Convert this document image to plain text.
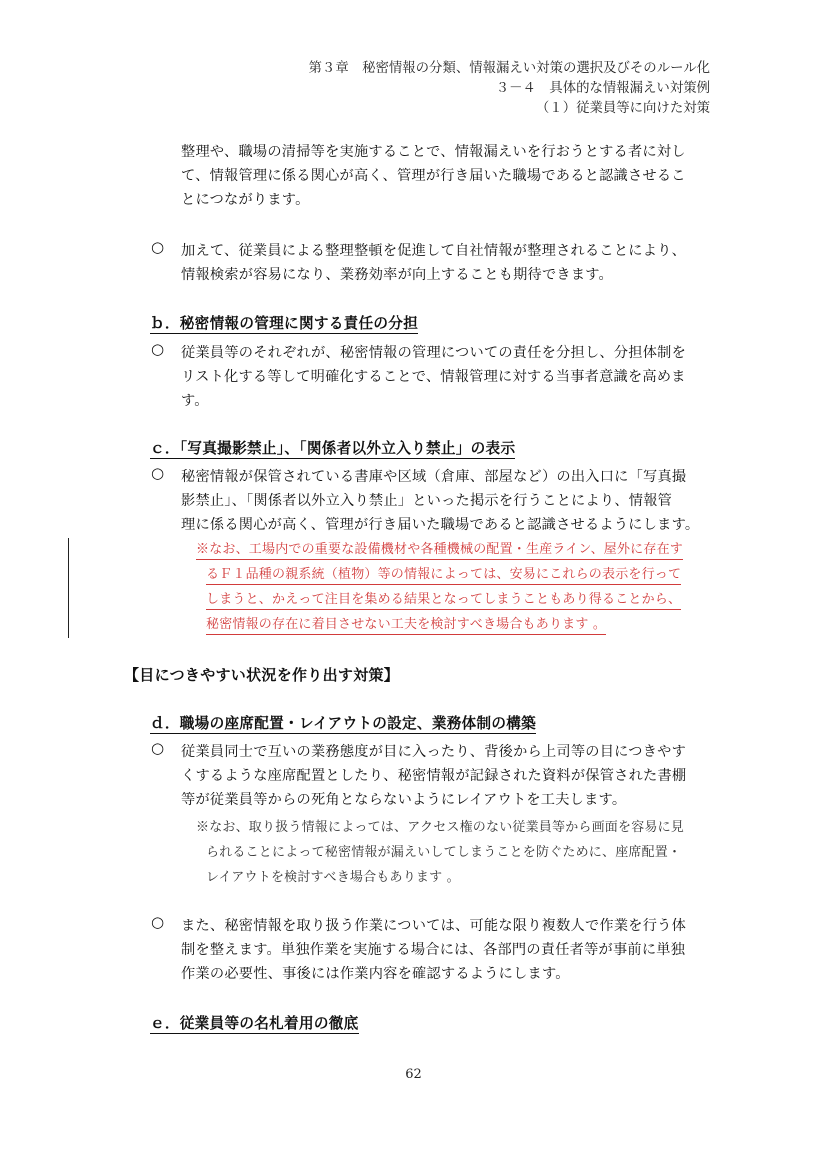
第３章　秘密情報の分類、情報漏えい対策の選択及びそのルール化
３－４　具体的な情報漏えい対策例
（１）従業員等に向けた対策
整理や、職場の清掃等を実施することで、情報漏えいを行おうとする者に対し
て、情報管理に係る関心が高く、管理が行き届いた職場であると認識させるこ
とにつながります。
○ 加えて、従業員による整理整頓を促進して自社情報が整理されることにより、
情報検索が容易になり、業務効率が向上することも期待できます。
ｂ．秘密情報の管理に関する責任の分担
○ 従業員等のそれぞれが、秘密情報の管理についての責任を分担し、分担体制を
リスト化する等して明確化することで、情報管理に対する当事者意識を高めま
す。
ｃ．「写真撮影禁止」、「関係者以外立入り禁止」の表示
○ 秘密情報が保管されている書庫や区域（倉庫、部屋など）の出入口に「写真撮
影禁止」、「関係者以外立入り禁止」といった掲示を行うことにより、情報管
理に係る関心が高く、管理が行き届いた職場であると認識させるようにします。
※なお、工場内での重要な設備機材や各種機械の配置・生産ライン、屋外に存在す
るＦ１品種の親系統（植物）等の情報によっては、安易にこれらの表示を行って
しまうと、かえって注目を集める結果となってしまうこともあり得ることから、
秘密情報の存在に着目させない工夫を検討すべき場合もあります 。
【目につきやすい状況を作り出す対策】
ｄ．職場の座席配置・レイアウトの設定、業務体制の構築
○ 従業員同士で互いの業務態度が目に入ったり、背後から上司等の目につきやす
くするような座席配置としたり、秘密情報が記録された資料が保管された書棚
等が従業員等からの死角とならないようにレイアウトを工夫します。
※なお、取り扱う情報によっては、アクセス権のない従業員等から画面を容易に見
られることによって秘密情報が漏えいしてしまうことを防ぐために、座席配置・
レイアウトを検討すべき場合もあります 。
○ また、秘密情報を取り扱う作業については、可能な限り複数人で作業を行う体
制を整えます。単独作業を実施する場合には、各部門の責任者等が事前に単独
作業の必要性、事後には作業内容を確認するようにします。
ｅ．従業員等の名札着用の徹底
62
